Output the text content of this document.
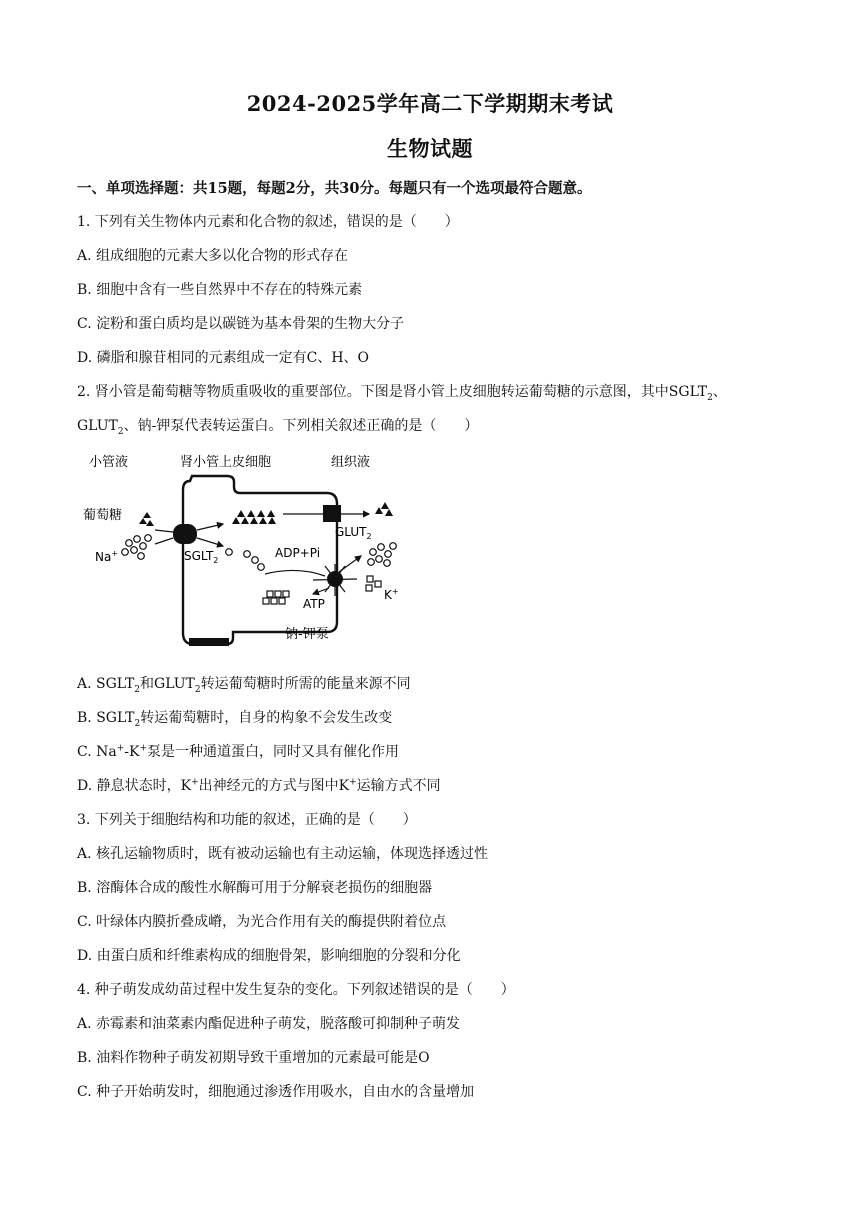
2024-2025学年高二下学期期末考试
生物试题
一、单项选择题：共15题，每题2分，共30分。每题只有一个选项最符合题意。
1. 下列有关生物体内元素和化合物的叙述，错误的是（　　）
A. 组成细胞的元素大多以化合物的形式存在
B. 细胞中含有一些自然界中不存在的特殊元素
C. 淀粉和蛋白质均是以碳链为基本骨架的生物大分子
D. 磷脂和腺苷相同的元素组成一定有C、H、O
2. 肾小管是葡萄糖等物质重吸收的重要部位。下图是肾小管上皮细胞转运葡萄糖的示意图，其中$SGLT_2$、
$GLUT_2$、钠-钾泵代表转运蛋白。下列相关叙述正确的是（　　）
小管液	肾小管上皮细胞	组织液
葡萄糖
Na+	$SGLT_2$
$GLUT_2$
ADP+Pi
K+
ATP
钠-钾泵
A. $SGLT_2$和$GLUT_2$转运葡萄糖时所需的能量来源不同
B. $SGLT_2$转运葡萄糖时，自身的构象不会发生改变
C. Na+-K+泵是一种通道蛋白，同时又具有催化作用
D. 静息状态时，K+出神经元的方式与图中K+运输方式不同
3. 下列关于细胞结构和功能的叙述，正确的是（　　）
A. 核孔运输物质时，既有被动运输也有主动运输，体现选择透过性
B. 溶酶体合成的酸性水解酶可用于分解衰老损伤的细胞器
C. 叶绿体内膜折叠成嵴，为光合作用有关的酶提供附着位点
D. 由蛋白质和纤维素构成的细胞骨架，影响细胞的分裂和分化
4. 种子萌发成幼苗过程中发生复杂的变化。下列叙述错误的是（　　）
A. 赤霉素和油菜素内酯促进种子萌发，脱落酸可抑制种子萌发
B. 油料作物种子萌发初期导致干重增加的元素最可能是O
C. 种子开始萌发时，细胞通过渗透作用吸水，自由水的含量增加
